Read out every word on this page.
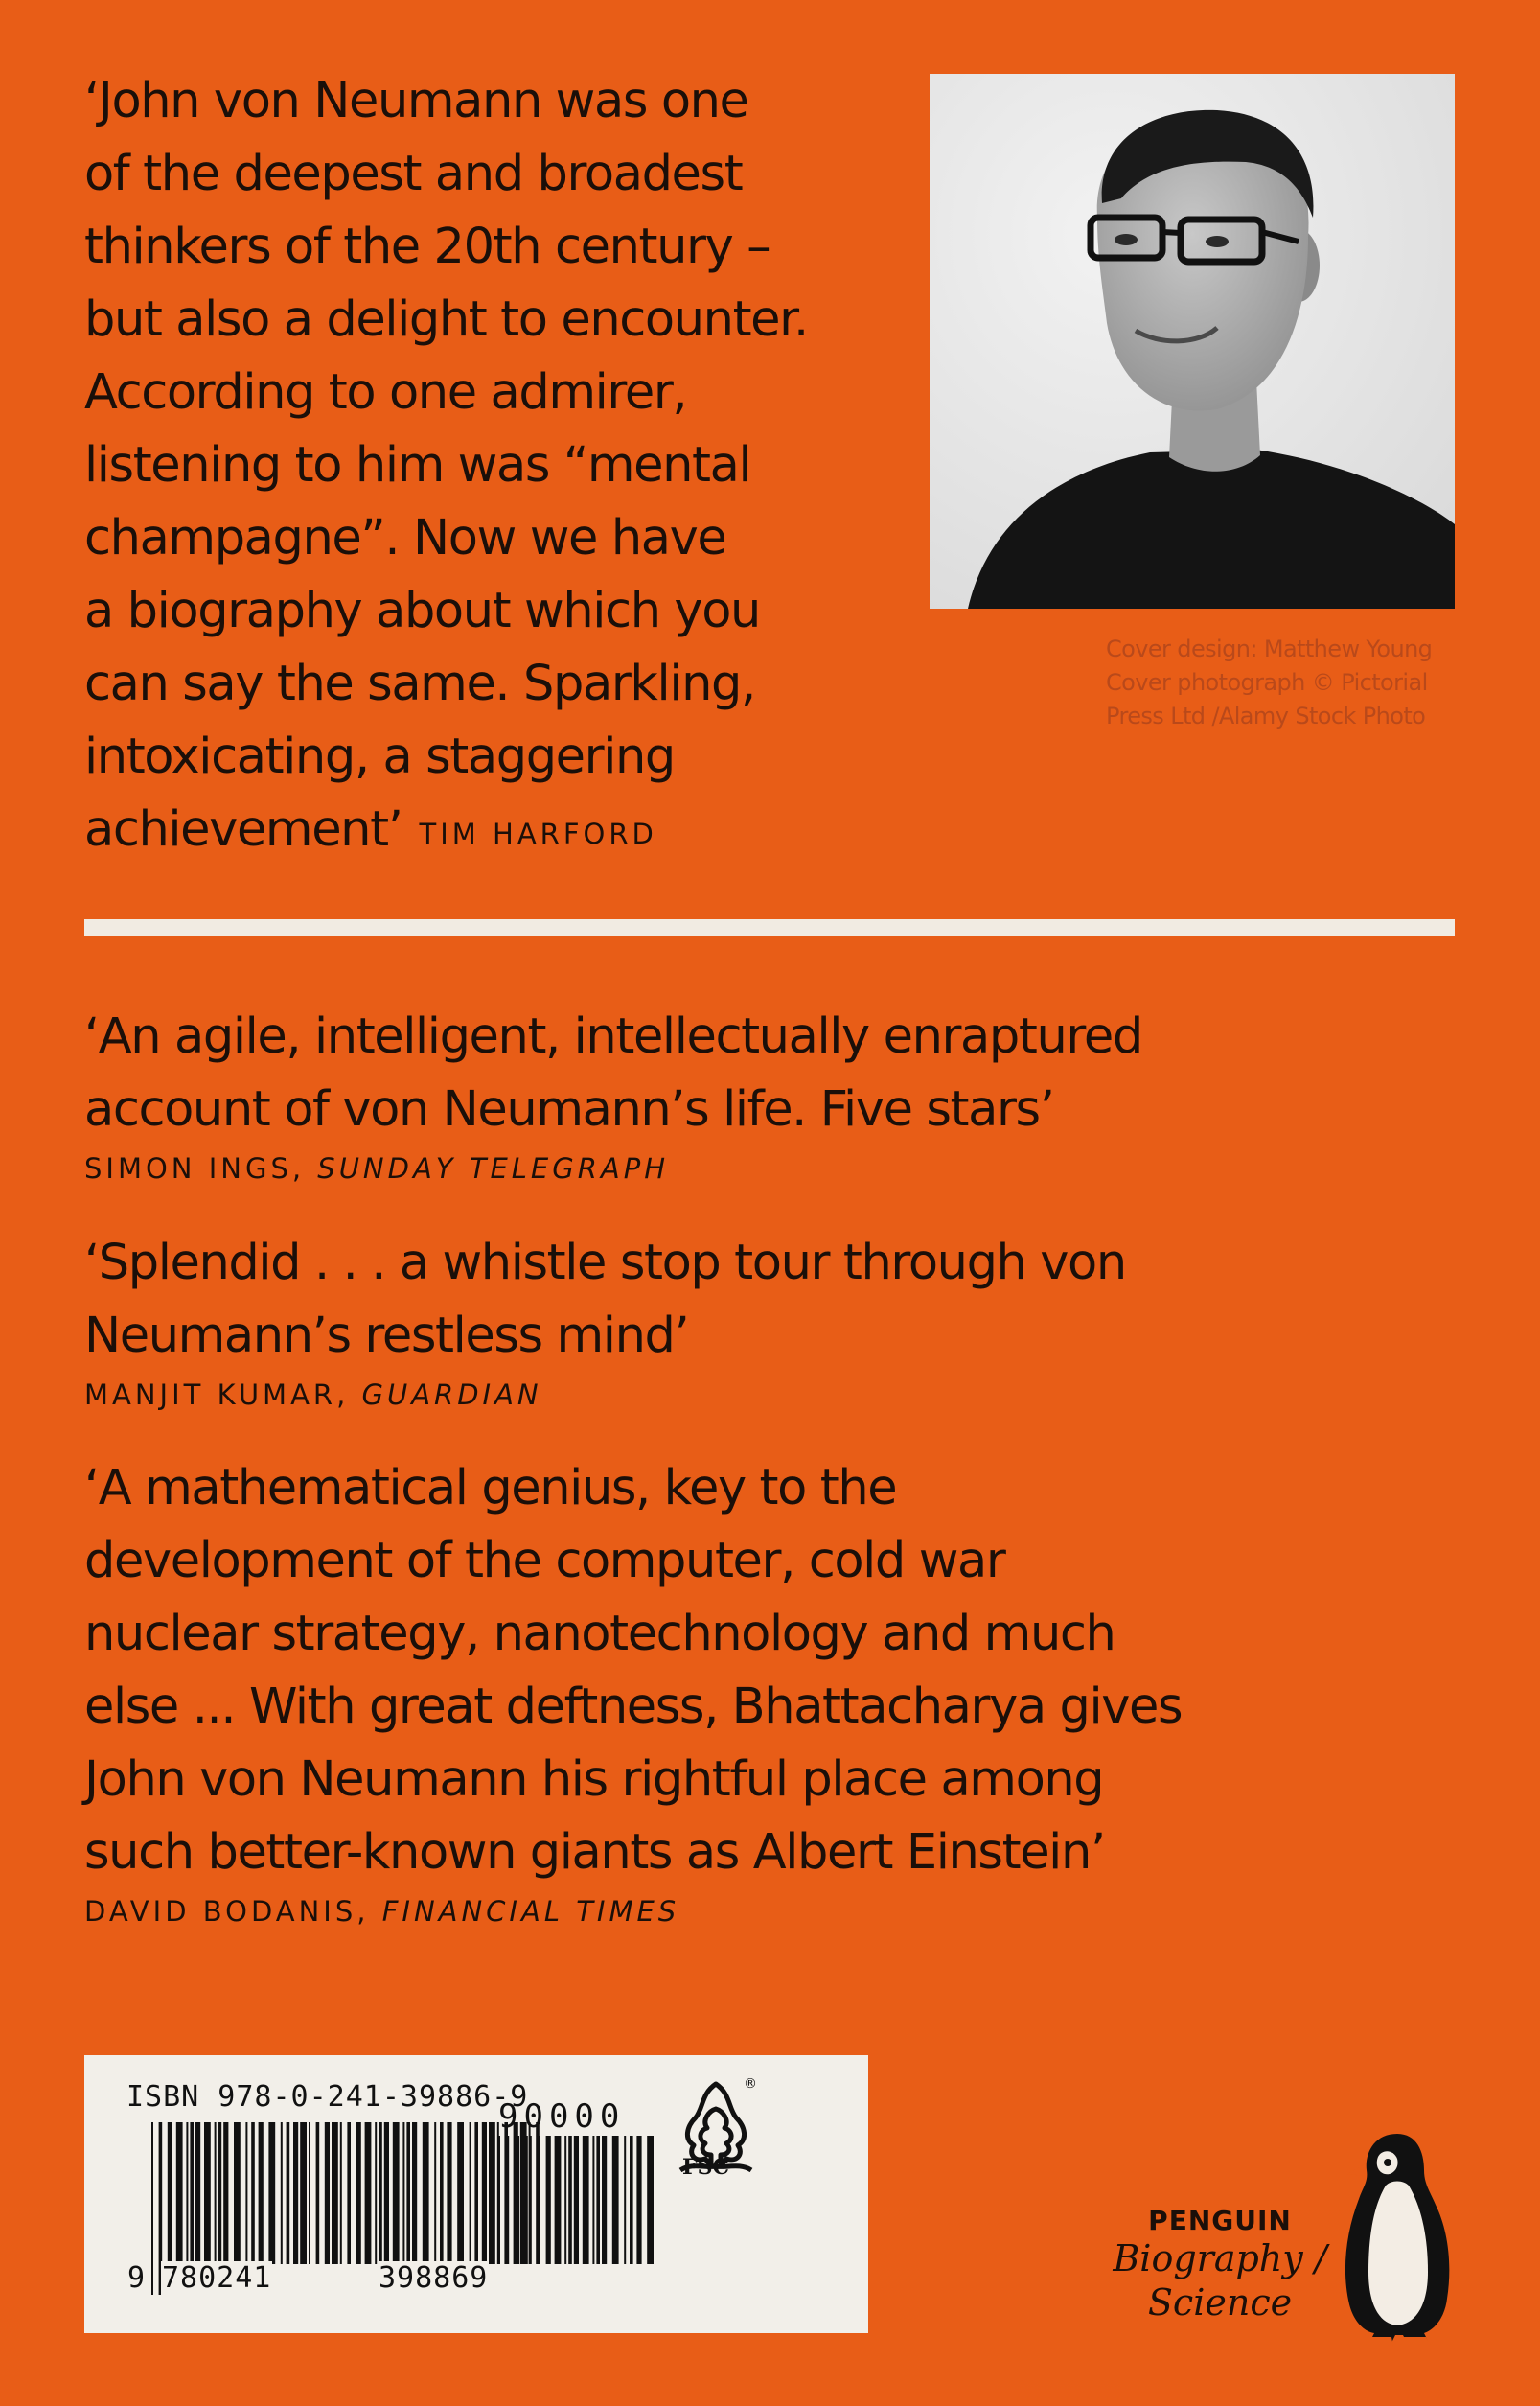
‘John von Neumann was one
of the deepest and broadest
thinkers of the 20th century –
but also a delight to encounter.
According to one admirer,
listening to him was “mental
champagne”. Now we have
a biography about which you
can say the same. Sparkling,
intoxicating, a staggering
achievement’ TIM HARFORD
Cover design: Matthew Young
Cover photograph © Pictorial
Press Ltd /Alamy Stock Photo
‘An agile, intelligent, intellectually enraptured
account of von Neumann’s life. Five stars’
SIMON INGS, SUNDAY TELEGRAPH
‘Splendid . . . a whistle stop tour through von
Neumann’s restless mind’
MANJIT KUMAR, GUARDIAN
‘A mathematical genius, key to the
development of the computer, cold war
nuclear strategy, nanotechnology and much
else ... With great deftness, Bhattacharya gives
John von Neumann his rightful place among
such better-known giants as Albert Einstein’
DAVID BODANIS, FINANCIAL TIMES
ISBN 978-0-241-39886-9
90000
9 780241	398869
®
FSC
PENGUIN
Biography /
Science
